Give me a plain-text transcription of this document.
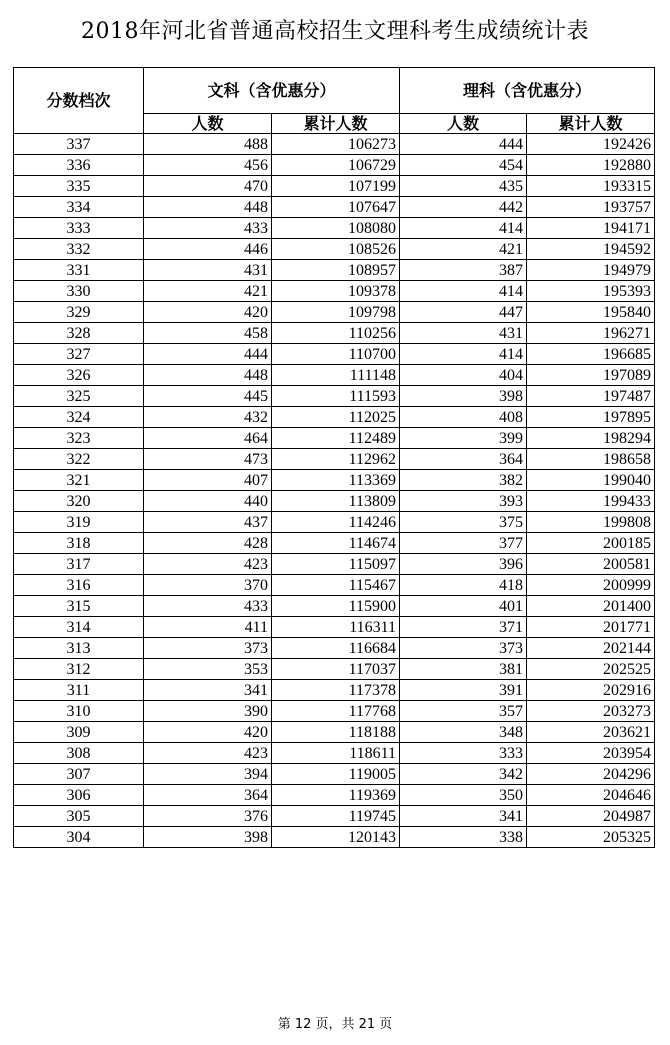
2018年河北省普通高校招生文理科考生成绩统计表
分数档次	文科（含优惠分）		理科（含优惠分）	
	人数	累计人数	人数	累计人数
337	488	106273	444	192426
336	456	106729	454	192880
335	470	107199	435	193315
334	448	107647	442	193757
333	433	108080	414	194171
332	446	108526	421	194592
331	431	108957	387	194979
330	421	109378	414	195393
329	420	109798	447	195840
328	458	110256	431	196271
327	444	110700	414	196685
326	448	111148	404	197089
325	445	111593	398	197487
324	432	112025	408	197895
323	464	112489	399	198294
322	473	112962	364	198658
321	407	113369	382	199040
320	440	113809	393	199433
319	437	114246	375	199808
318	428	114674	377	200185
317	423	115097	396	200581
316	370	115467	418	200999
315	433	115900	401	201400
314	411	116311	371	201771
313	373	116684	373	202144
312	353	117037	381	202525
311	341	117378	391	202916
310	390	117768	357	203273
309	420	118188	348	203621
308	423	118611	333	203954
307	394	119005	342	204296
306	364	119369	350	204646
305	376	119745	341	204987
304	398	120143	338	205325
第 12 页，共 21 页
